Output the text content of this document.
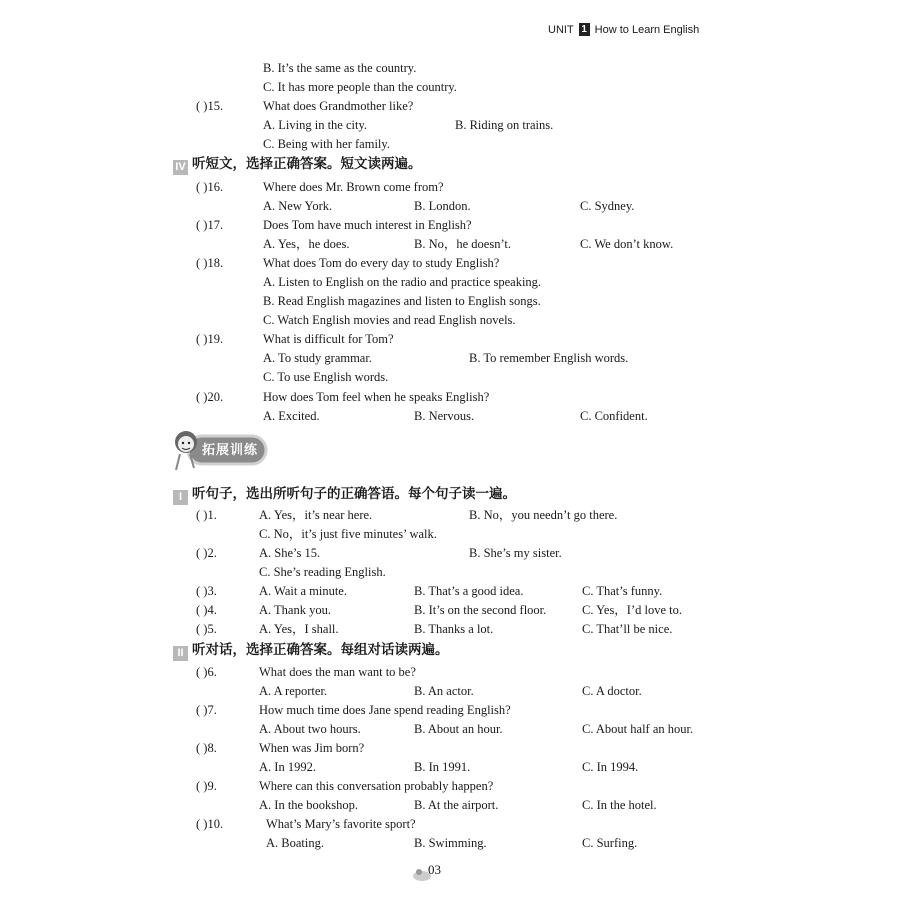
UNIT 1 How to Learn English
B. It’s the same as the country.
C. It has more people than the country.
( )15.	What does Grandmother like?
A. Living in the city.	B. Riding on trains.
C. Being with her family.
IV 听短文，选择正确答案。短文读两遍。
( )16.	Where does Mr. Brown come from?
A. New York.	B. London.	C. Sydney.
( )17.	Does Tom have much interest in English?
A. Yes，he does.	B. No，he doesn’t.	C. We don’t know.
( )18.	What does Tom do every day to study English?
A. Listen to English on the radio and practice speaking.
B. Read English magazines and listen to English songs.
C. Watch English movies and read English novels.
( )19.	What is difficult for Tom?
A. To study grammar.	B. To remember English words.
C. To use English words.
( )20.	How does Tom feel when he speaks English?
A. Excited.	B. Nervous.	C. Confident.
拓展训练
I 听句子，选出所听句子的正确答语。每个句子读一遍。
( )1.	A. Yes，it’s near here.	B. No，you needn’t go there.
C. No，it’s just five minutes’ walk.
( )2.	A. She’s 15.	B. She’s my sister.
C. She’s reading English.
( )3.	A. Wait a minute.	B. That’s a good idea.	C. That’s funny.
( )4.	A. Thank you.	B. It’s on the second floor.	C. Yes，I’d love to.
( )5.	A. Yes，I shall.	B. Thanks a lot.	C. That’ll be nice.
II 听对话，选择正确答案。每组对话读两遍。
( )6.	What does the man want to be?
A. A reporter.	B. An actor.	C. A doctor.
( )7.	How much time does Jane spend reading English?
A. About two hours.	B. About an hour.	C. About half an hour.
( )8.	When was Jim born?
A. In 1992.	B. In 1991.	C. In 1994.
( )9.	Where can this conversation probably happen?
A. In the bookshop.	B. At the airport.	C. In the hotel.
( )10.	What’s Mary’s favorite sport?
A. Boating.	B. Swimming.	C. Surfing.
03
